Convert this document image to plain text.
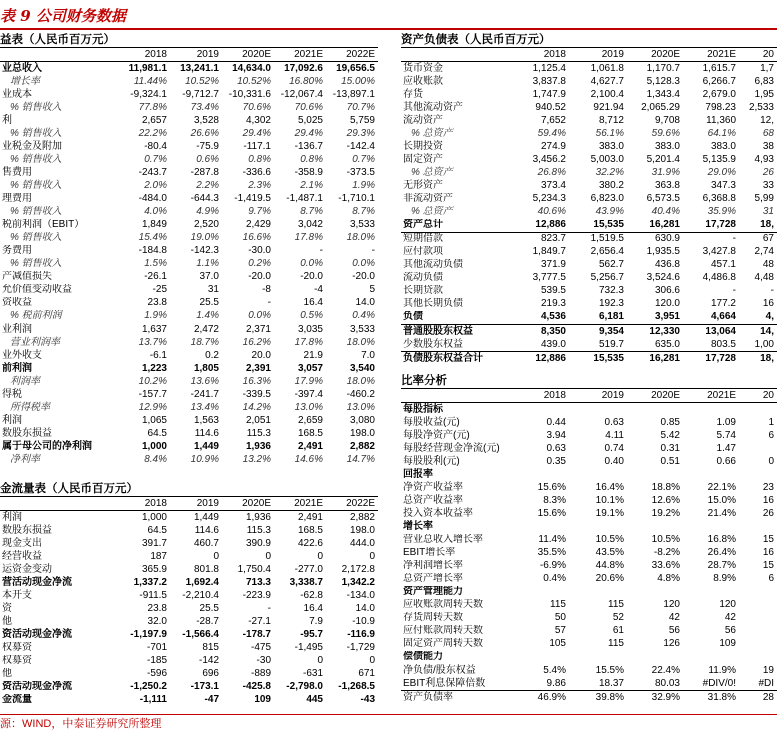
表 9 公司财务数据
益表（人民币百万元）
	2018	2019	2020E	2021E	2022E
业总收入	11,981.1	13,241.1	14,634.0	17,092.6	19,656.5
增长率	11.44%	10.52%	10.52%	16.80%	15.00%
业成本	-9,324.1	-9,712.7	-10,331.6	-12,067.4	-13,897.1
% 销售收入	77.8%	73.4%	70.6%	70.6%	70.7%
利	2,657	3,528	4,302	5,025	5,759
% 销售收入	22.2%	26.6%	29.4%	29.4%	29.3%
业税金及附加	-80.4	-75.9	-117.1	-136.7	-142.4
% 销售收入	0.7%	0.6%	0.8%	0.8%	0.7%
售费用	-243.7	-287.8	-336.6	-358.9	-373.5
% 销售收入	2.0%	2.2%	2.3%	2.1%	1.9%
理费用	-484.0	-644.3	-1,419.5	-1,487.1	-1,710.1
% 销售收入	4.0%	4.9%	9.7%	8.7%	8.7%
税前利润（EBIT）	1,849	2,520	2,429	3,042	3,533
% 销售收入	15.4%	19.0%	16.6%	17.8%	18.0%
务费用	-184.8	-142.3	-30.0	-	-
% 销售收入	1.5%	1.1%	0.2%	0.0%	0.0%
产减值损失	-26.1	37.0	-20.0	-20.0	-20.0
允价值变动收益	-25	31	-8	-4	5
资收益	23.8	25.5	-	16.4	14.0
% 税前利润	1.9%	1.4%	0.0%	0.5%	0.4%
业利润	1,637	2,472	2,371	3,035	3,533
营业利润率	13.7%	18.7%	16.2%	17.8%	18.0%
业外收支	-6.1	0.2	20.0	21.9	7.0
前利润	1,223	1,805	2,391	3,057	3,540
利润率	10.2%	13.6%	16.3%	17.9%	18.0%
得税	-157.7	-241.7	-339.5	-397.4	-460.2
所得税率	12.9%	13.4%	14.2%	13.0%	13.0%
利润	1,065	1,563	2,051	2,659	3,080
数股东损益	64.5	114.6	115.3	168.5	198.0
属于母公司的净利润	1,000	1,449	1,936	2,491	2,882
净利率	8.4%	10.9%	13.2%	14.6%	14.7%
金流量表（人民币百万元）
	2018	2019	2020E	2021E	2022E
利润	1,000	1,449	1,936	2,491	2,882
数股东损益	64.5	114.6	115.3	168.5	198.0
现金支出	391.7	460.7	390.9	422.6	444.0
经营收益	187	0	0	0	0
运资金变动	365.9	801.8	1,750.4	-277.0	2,172.8
营活动现金净流	1,337.2	1,692.4	713.3	3,338.7	1,342.2
本开支	-911.5	-2,210.4	-223.9	-62.8	-134.0
资	23.8	25.5	-	16.4	14.0
他	32.0	-28.7	-27.1	7.9	-10.9
资活动现金净流	-1,197.9	-1,566.4	-178.7	-95.7	-116.9
权募资	-701	815	-475	-1,495	-1,729
权募资	-185	-142	-30	0	0
他	-596	696	-889	-631	671
资活动现金净流	-1,250.2	-173.1	-425.8	-2,798.0	-1,268.5
金流量	-1,111	-47	109	445	-43
资产负债表（人民币百万元）
	2018	2019	2020E	2021E	20
货币资金	1,125.4	1,061.8	1,170.7	1,615.7	1,7
应收账款	3,837.8	4,627.7	5,128.3	6,266.7	6,83
存货	1,747.9	2,100.4	1,343.4	2,679.0	1,95
其他流动资产	940.52	921.94	2,065.29	798.23	2,533
流动资产	7,652	8,712	9,708	11,360	12,
% 总资产	59.4%	56.1%	59.6%	64.1%	68
长期投资	274.9	383.0	383.0	383.0	38
固定资产	3,456.2	5,003.0	5,201.4	5,135.9	4,93
% 总资产	26.8%	32.2%	31.9%	29.0%	26
无形资产	373.4	380.2	363.8	347.3	33
非流动资产	5,234.3	6,823.0	6,573.5	6,368.8	5,99
% 总资产	40.6%	43.9%	40.4%	35.9%	31
资产总计	12,886	15,535	16,281	17,728	18,
短期借款	823.7	1,519.5	630.9	-	67
应付款项	1,849.7	2,656.4	1,935.5	3,427.8	2,74
其他流动负债	371.9	562.7	436.8	457.1	48
流动负债	3,777.5	5,256.7	3,524.6	4,486.8	4,48
长期贷款	539.5	732.3	306.6	-	-
其他长期负债	219.3	192.3	120.0	177.2	16
负债	4,536	6,181	3,951	4,664	4,
普通股股东权益	8,350	9,354	12,330	13,064	14,
少数股东权益	439.0	519.7	635.0	803.5	1,00
负债股东权益合计	12,886	15,535	16,281	17,728	18,
比率分析
	2018	2019	2020E	2021E	20
每股指标					
每股收益(元)	0.44	0.63	0.85	1.09	1
每股净资产(元)	3.94	4.11	5.42	5.74	6
每股经营现金净流(元)	0.63	0.74	0.31	1.47	
每股股利(元)	0.35	0.40	0.51	0.66	0
回报率					
净资产收益率	15.6%	16.4%	18.8%	22.1%	23
总资产收益率	8.3%	10.1%	12.6%	15.0%	16
投入资本收益率	15.6%	19.1%	19.2%	21.4%	26
增长率					
营业总收入增长率	11.4%	10.5%	10.5%	16.8%	15
EBIT增长率	35.5%	43.5%	-8.2%	26.4%	16
净利润增长率	-6.9%	44.8%	33.6%	28.7%	15
总资产增长率	0.4%	20.6%	4.8%	8.9%	6
资产管理能力					
应收账款周转天数	115	115	120	120	
存货周转天数	50	52	42	42	
应付账款周转天数	57	61	56	56	
固定资产周转天数	105	115	126	109	
偿债能力					
净负债/股东权益	5.4%	15.5%	22.4%	11.9%	19
EBIT利息保障倍数	9.86	18.37	80.03	#DIV/0!	#DI
资产负债率	46.9%	39.8%	32.9%	31.8%	28
源：WIND，中泰证券研究所整理
